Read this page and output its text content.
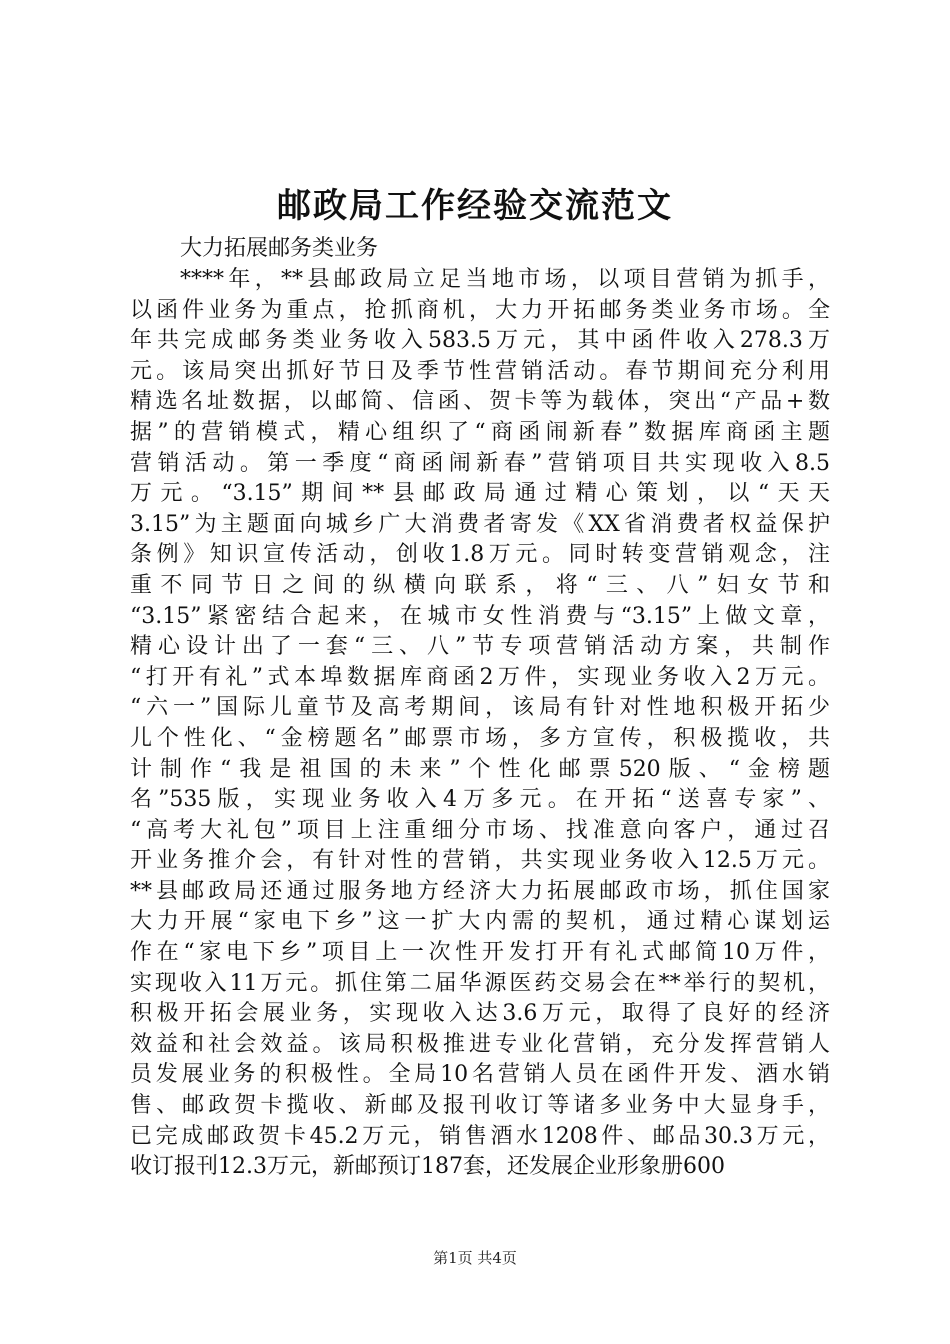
邮政局工作经验交流范文
大力拓展邮务类业务
****年，**县邮政局立足当地市场，以项目营销为抓手，
以函件业务为重点，抢抓商机，大力开拓邮务类业务市场。全
年共完成邮务类业务收入583.5万元，其中函件收入278.3万
元。该局突出抓好节日及季节性营销活动。春节期间充分利用
精选名址数据，以邮简、信函、贺卡等为载体，突出“产品+数
据”的营销模式，精心组织了“商函闹新春”数据库商函主题
营销活动。第一季度“商函闹新春”营销项目共实现收入8.5
万元。“3.15”期间**县邮政局通过精心策划，以“天天
3.15”为主题面向城乡广大消费者寄发《XX省消费者权益保护
条例》知识宣传活动，创收1.8万元。同时转变营销观念，注
重不同节日之间的纵横向联系，将“三、八”妇女节和
“3.15”紧密结合起来，在城市女性消费与“3.15”上做文章，
精心设计出了一套“三、八”节专项营销活动方案，共制作
“打开有礼”式本埠数据库商函2万件，实现业务收入2万元。
“六一”国际儿童节及高考期间，该局有针对性地积极开拓少
儿个性化、“金榜题名”邮票市场，多方宣传，积极揽收，共
计制作“我是祖国的未来”个性化邮票520版、“金榜题
名”535版，实现业务收入4万多元。在开拓“送喜专家”、
“高考大礼包”项目上注重细分市场、找准意向客户，通过召
开业务推介会，有针对性的营销，共实现业务收入12.5万元。
**县邮政局还通过服务地方经济大力拓展邮政市场，抓住国家
大力开展“家电下乡”这一扩大内需的契机，通过精心谋划运
作在“家电下乡”项目上一次性开发打开有礼式邮简10万件，
实现收入11万元。抓住第二届华源医药交易会在**举行的契机，
积极开拓会展业务，实现收入达3.6万元，取得了良好的经济
效益和社会效益。该局积极推进专业化营销，充分发挥营销人
员发展业务的积极性。全局10名营销人员在函件开发、酒水销
售、邮政贺卡揽收、新邮及报刊收订等诸多业务中大显身手，
已完成邮政贺卡45.2万元，销售酒水1208件、邮品30.3万元，
收订报刊12.3万元，新邮预订187套，还发展企业形象册600
第1页 共4页
